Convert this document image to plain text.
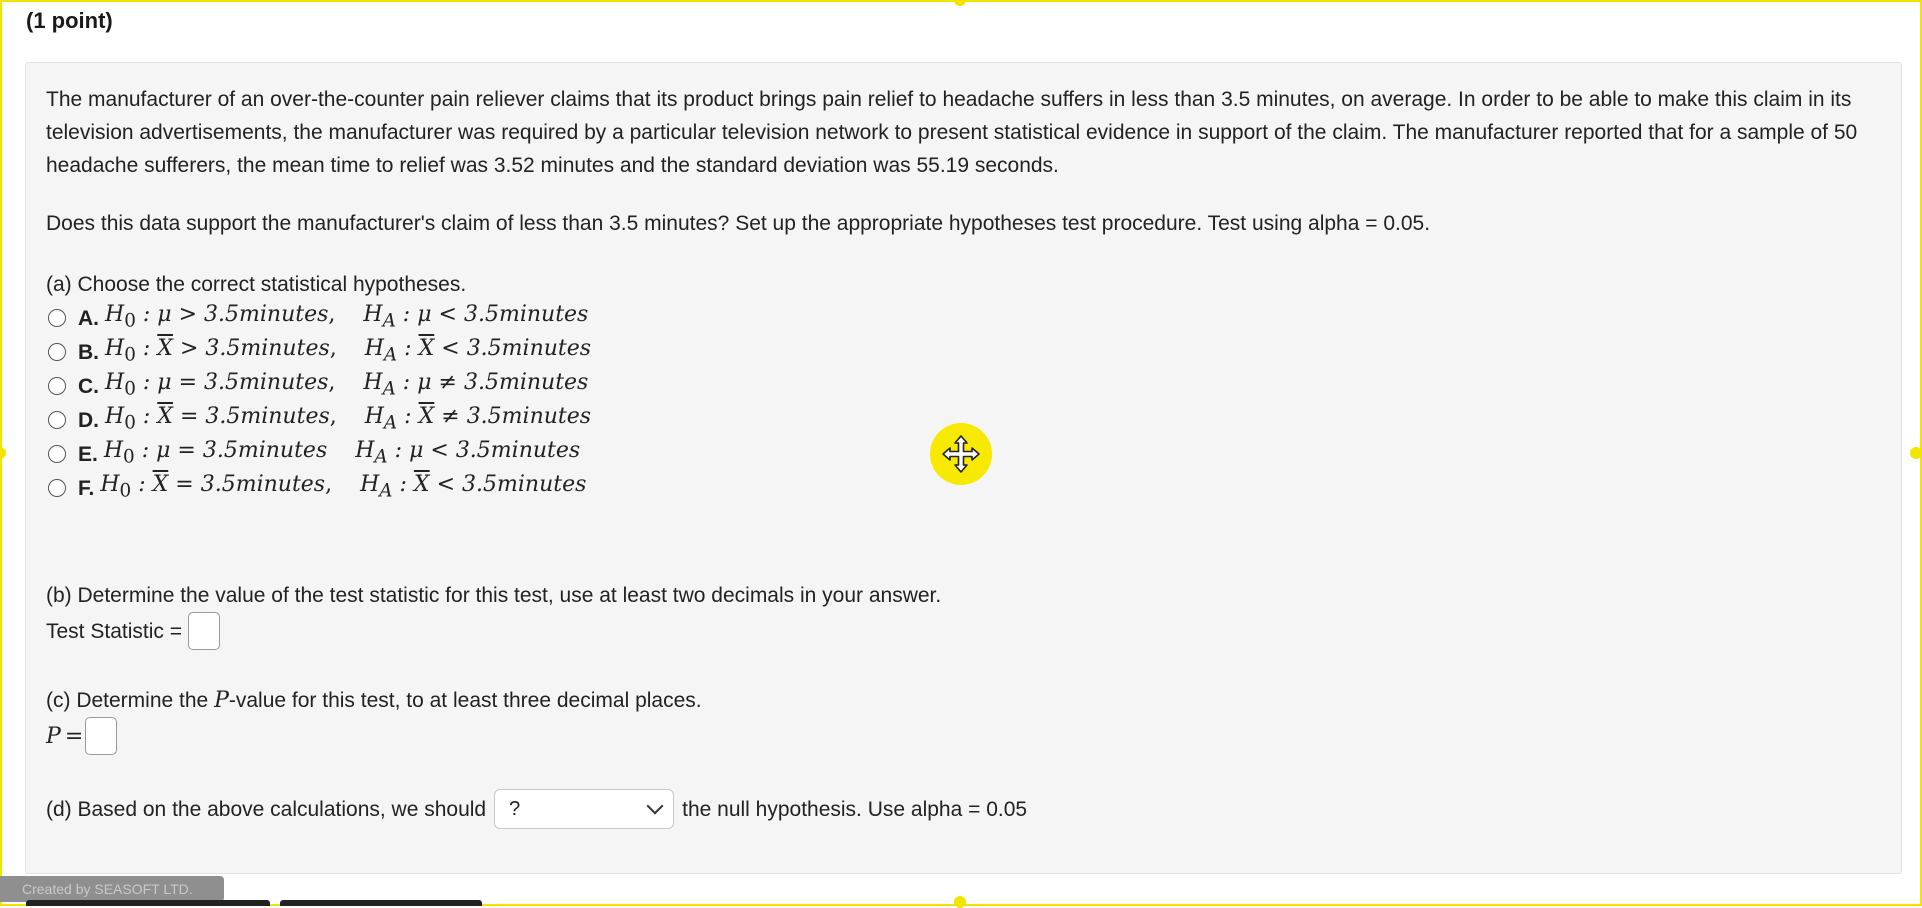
(1 point)

The manufacturer of an over-the-counter pain reliever claims that its product brings pain relief to headache suffers in less than 3.5 minutes, on average. In order to be able to make this claim in its television advertisements, the manufacturer was required by a particular television network to present statistical evidence in support of the claim. The manufacturer reported that for a sample of 50 headache sufferers, the mean time to relief was 3.52 minutes and the standard deviation was 55.19 seconds.

Does this data support the manufacturer's claim of less than 3.5 minutes? Set up the appropriate hypotheses test procedure. Test using alpha = 0.05.

(a) Choose the correct statistical hypotheses.
A. $H_0$ : μ > 3.5minutes, $H_A$ : μ < 3.5minutes
B. $H_0$ : $\overline{X}$ > 3.5minutes, $H_A$ : $\overline{X}$ < 3.5minutes
C. $H_0$ : μ = 3.5minutes, $H_A$ : μ ≠ 3.5minutes
D. $H_0$ : $\overline{X}$ = 3.5minutes, $H_A$ : $\overline{X}$ ≠ 3.5minutes
E. $H_0$ : μ = 3.5minutes $H_A$ : μ < 3.5minutes
F. $H_0$ : $\overline{X}$ = 3.5minutes, $H_A$ : $\overline{X}$ < 3.5minutes
(b) Determine the value of the test statistic for this test, use at least two decimals in your answer.
Test Statistic =
(c) Determine the P-value for this test, to at least three decimal places.
P =
(d) Based on the above calculations, we should ?	the null hypothesis. Use alpha = 0.05
Created by SEASOFT LTD.
